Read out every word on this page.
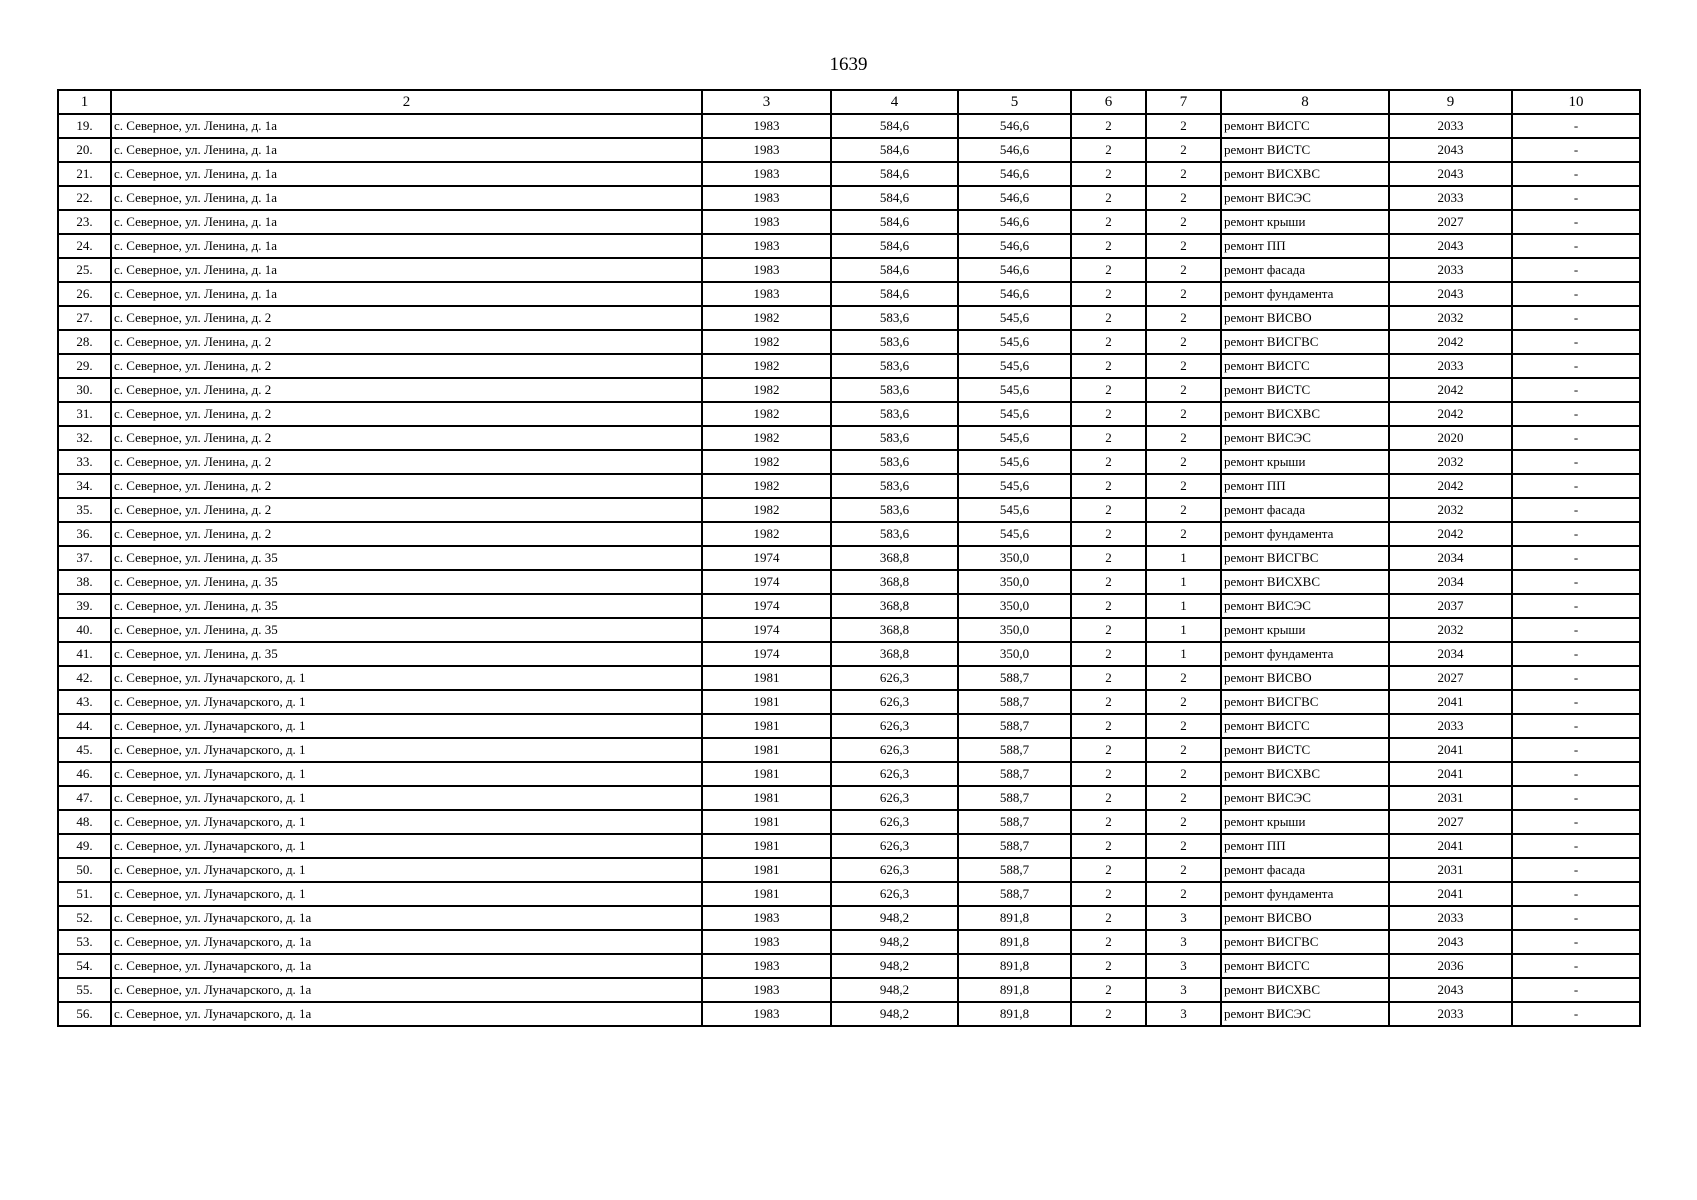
1639
1	2	3	4	5	6	7	8	9	10
19.	с. Северное, ул. Ленина, д. 1а	1983	584,6	546,6	2	2	ремонт ВИСГС	2033	-
20.	с. Северное, ул. Ленина, д. 1а	1983	584,6	546,6	2	2	ремонт ВИСТС	2043	-
21.	с. Северное, ул. Ленина, д. 1а	1983	584,6	546,6	2	2	ремонт ВИСХВС	2043	-
22.	с. Северное, ул. Ленина, д. 1а	1983	584,6	546,6	2	2	ремонт ВИСЭС	2033	-
23.	с. Северное, ул. Ленина, д. 1а	1983	584,6	546,6	2	2	ремонт крыши	2027	-
24.	с. Северное, ул. Ленина, д. 1а	1983	584,6	546,6	2	2	ремонт ПП	2043	-
25.	с. Северное, ул. Ленина, д. 1а	1983	584,6	546,6	2	2	ремонт фасада	2033	-
26.	с. Северное, ул. Ленина, д. 1а	1983	584,6	546,6	2	2	ремонт фундамента	2043	-
27.	с. Северное, ул. Ленина, д. 2	1982	583,6	545,6	2	2	ремонт ВИСВО	2032	-
28.	с. Северное, ул. Ленина, д. 2	1982	583,6	545,6	2	2	ремонт ВИСГВС	2042	-
29.	с. Северное, ул. Ленина, д. 2	1982	583,6	545,6	2	2	ремонт ВИСГС	2033	-
30.	с. Северное, ул. Ленина, д. 2	1982	583,6	545,6	2	2	ремонт ВИСТС	2042	-
31.	с. Северное, ул. Ленина, д. 2	1982	583,6	545,6	2	2	ремонт ВИСХВС	2042	-
32.	с. Северное, ул. Ленина, д. 2	1982	583,6	545,6	2	2	ремонт ВИСЭС	2020	-
33.	с. Северное, ул. Ленина, д. 2	1982	583,6	545,6	2	2	ремонт крыши	2032	-
34.	с. Северное, ул. Ленина, д. 2	1982	583,6	545,6	2	2	ремонт ПП	2042	-
35.	с. Северное, ул. Ленина, д. 2	1982	583,6	545,6	2	2	ремонт фасада	2032	-
36.	с. Северное, ул. Ленина, д. 2	1982	583,6	545,6	2	2	ремонт фундамента	2042	-
37.	с. Северное, ул. Ленина, д. 35	1974	368,8	350,0	2	1	ремонт ВИСГВС	2034	-
38.	с. Северное, ул. Ленина, д. 35	1974	368,8	350,0	2	1	ремонт ВИСХВС	2034	-
39.	с. Северное, ул. Ленина, д. 35	1974	368,8	350,0	2	1	ремонт ВИСЭС	2037	-
40.	с. Северное, ул. Ленина, д. 35	1974	368,8	350,0	2	1	ремонт крыши	2032	-
41.	с. Северное, ул. Ленина, д. 35	1974	368,8	350,0	2	1	ремонт фундамента	2034	-
42.	с. Северное, ул. Луначарского, д. 1	1981	626,3	588,7	2	2	ремонт ВИСВО	2027	-
43.	с. Северное, ул. Луначарского, д. 1	1981	626,3	588,7	2	2	ремонт ВИСГВС	2041	-
44.	с. Северное, ул. Луначарского, д. 1	1981	626,3	588,7	2	2	ремонт ВИСГС	2033	-
45.	с. Северное, ул. Луначарского, д. 1	1981	626,3	588,7	2	2	ремонт ВИСТС	2041	-
46.	с. Северное, ул. Луначарского, д. 1	1981	626,3	588,7	2	2	ремонт ВИСХВС	2041	-
47.	с. Северное, ул. Луначарского, д. 1	1981	626,3	588,7	2	2	ремонт ВИСЭС	2031	-
48.	с. Северное, ул. Луначарского, д. 1	1981	626,3	588,7	2	2	ремонт крыши	2027	-
49.	с. Северное, ул. Луначарского, д. 1	1981	626,3	588,7	2	2	ремонт ПП	2041	-
50.	с. Северное, ул. Луначарского, д. 1	1981	626,3	588,7	2	2	ремонт фасада	2031	-
51.	с. Северное, ул. Луначарского, д. 1	1981	626,3	588,7	2	2	ремонт фундамента	2041	-
52.	с. Северное, ул. Луначарского, д. 1а	1983	948,2	891,8	2	3	ремонт ВИСВО	2033	-
53.	с. Северное, ул. Луначарского, д. 1а	1983	948,2	891,8	2	3	ремонт ВИСГВС	2043	-
54.	с. Северное, ул. Луначарского, д. 1а	1983	948,2	891,8	2	3	ремонт ВИСГС	2036	-
55.	с. Северное, ул. Луначарского, д. 1а	1983	948,2	891,8	2	3	ремонт ВИСХВС	2043	-
56.	с. Северное, ул. Луначарского, д. 1а	1983	948,2	891,8	2	3	ремонт ВИСЭС	2033	-
